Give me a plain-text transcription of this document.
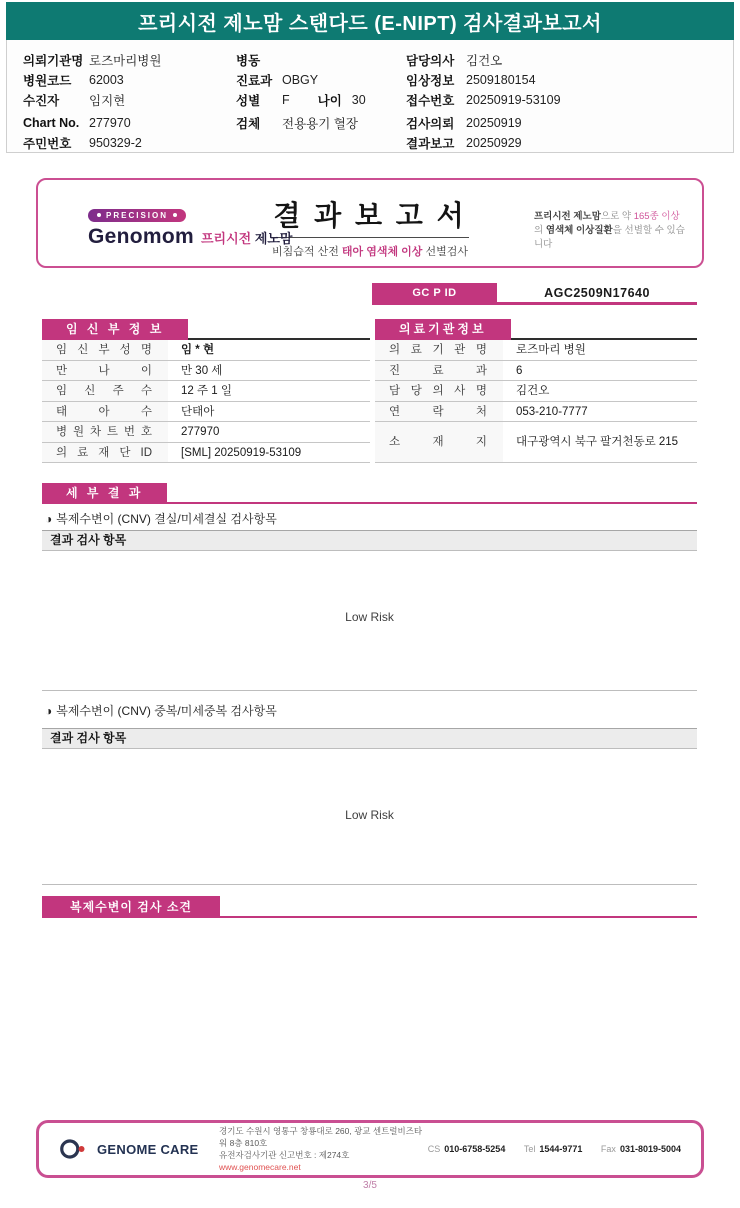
프리시전 제노맘 스탠다드 (E-NIPT) 검사결과보고서
의뢰기관명 로즈마리병원
병원코드	62003
수진자	임지현
Chart No. 277970
주민번호	950329-2
병동
진료과 OBGY
성별	F 나이 30
검체	전용용기 혈장
담당의사 김건오
임상정보 2509180154
접수번호 20250919-53109
검사의뢰 20250919
결과보고 20250929
결 과 보 고 서
비침습적 산전 태아 염색체 이상 선별검사
PRECISION
Genomom 프리시전 제노맘
프리시전 제노맘으로 약 165종 이상의 염색체 이상질환을 선별할 수 있습니다
GC P ID	AGC2509N17640
임 신 부 정 보
임 신 부 성 명	임 * 현
만 나 이	만 30 세
임 신 주 수	12 주 1 일
태 아 수	단태아
병 원 차 트 번 호	277970
의 료 재 단 ID	[SML] 20250919-53109
의료기관정보
의 료 기 관 명	로즈마리 병원
진 료 과	6
담 당 의 사 명	김건오
연 락 처	053-210-7777
소 재 지	대구광역시 북구 팔거천동로 215
세 부 결 과
◑ 복제수변이 (CNV) 결실/미세결실 검사항목
결과 검사 항목
Low Risk
◑ 복제수변이 (CNV) 중복/미세중복 검사항목
결과 검사 항목
Low Risk
복제수변이 검사 소견
GENOME CARE
경기도 수원시 영통구 창룡대로 260, 광교 센트럴비즈타워 8층 810호
유전자검사기관 신고번호 : 제274호
www.genomecare.net
CS 010-6758-5254 Tel 1544-9771 Fax 031-8019-5004
3/5
